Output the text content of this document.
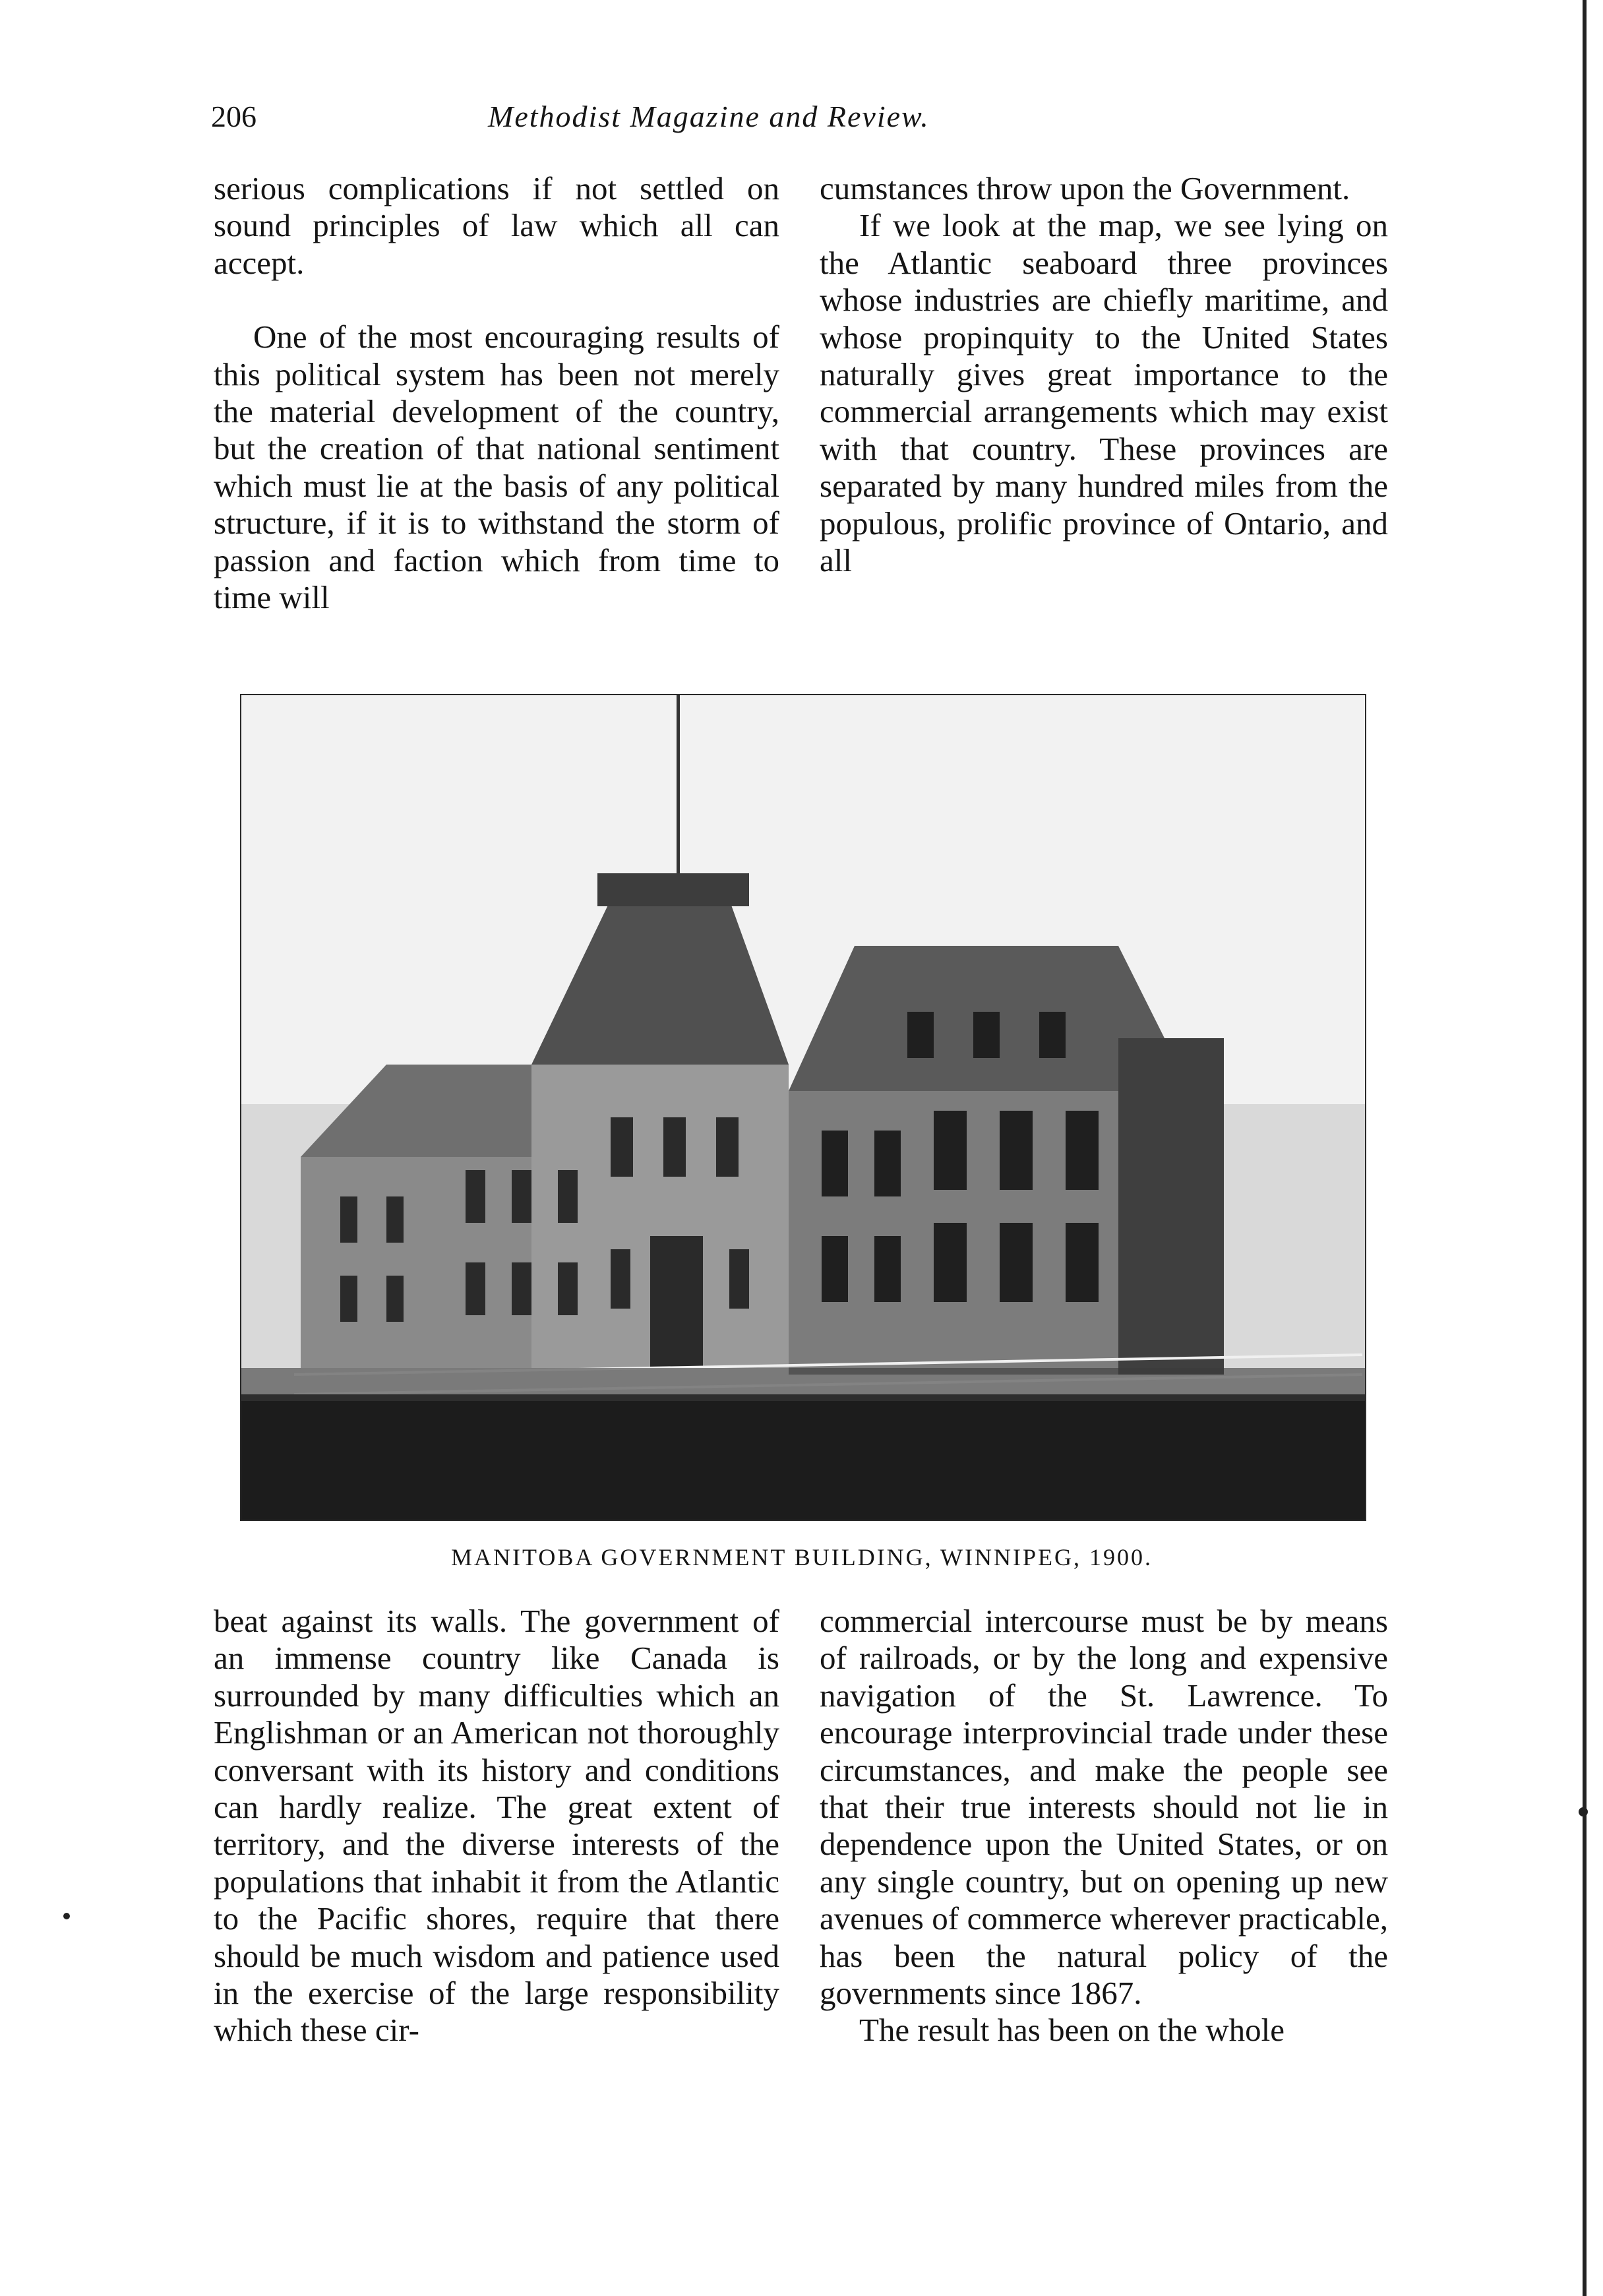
206	Methodist Magazine and Review.

serious complications if not settled on sound principles of law which all can accept.

One of the most encouraging results of this political system has been not merely the material development of the country, but the creation of that national sentiment which must lie at the basis of any political structure, if it is to withstand the storm of passion and faction which from time to time will

cumstances throw upon the Government.

If we look at the map, we see lying on the Atlantic seaboard three provinces whose industries are chiefly maritime, and whose propinquity to the United States naturally gives great importance to the commercial arrangements which may exist with that country. These provinces are separated by many hundred miles from the populous, prolific province of Ontario, and all

MANITOBA GOVERNMENT BUILDING, WINNIPEG, 1900.

beat against its walls. The government of an immense country like Canada is surrounded by many difficulties which an Englishman or an American not thoroughly conversant with its history and conditions can hardly realize. The great extent of territory, and the diverse interests of the populations that inhabit it from the Atlantic to the Pacific shores, require that there should be much wisdom and patience used in the exercise of the large responsibility which these cir-

commercial intercourse must be by means of railroads, or by the long and expensive navigation of the St. Lawrence. To encourage interprovincial trade under these circumstances, and make the people see that their true interests should not lie in dependence upon the United States, or on any single country, but on opening up new avenues of commerce wherever practicable, has been the natural policy of the governments since 1867.

The result has been on the whole
